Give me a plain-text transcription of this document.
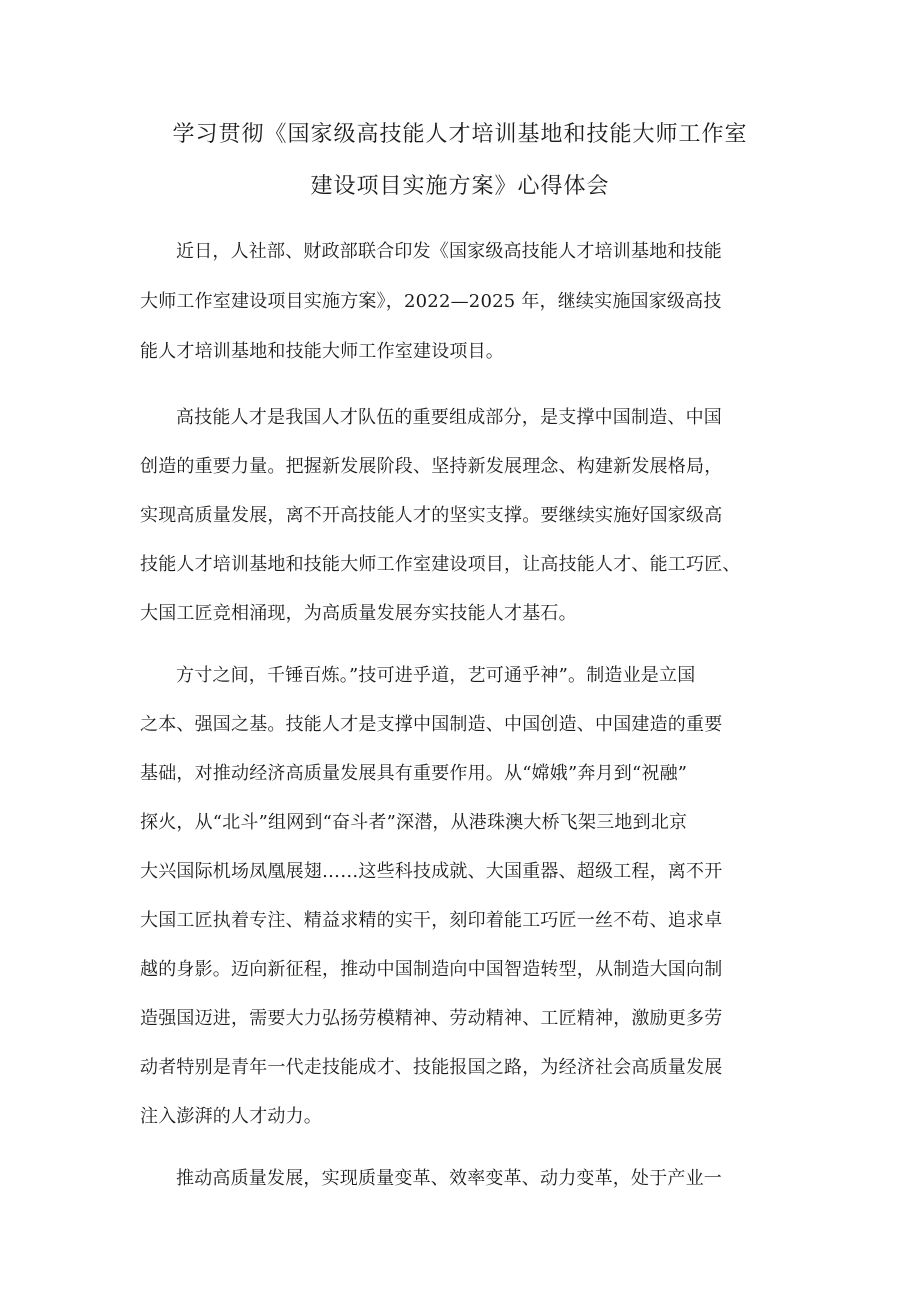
学习贯彻《国家级高技能人才培训基地和技能大师工作室
建设项目实施方案》心得体会
近日，人社部、财政部联合印发《国家级高技能人才培训基地和技能
大师工作室建设项目实施方案》，2022—2025 年，继续实施国家级高技
能人才培训基地和技能大师工作室建设项目。
高技能人才是我国人才队伍的重要组成部分，是支撑中国制造、中国
创造的重要力量。把握新发展阶段、坚持新发展理念、构建新发展格局，
实现高质量发展，离不开高技能人才的坚实支撑。要继续实施好国家级高
技能人才培训基地和技能大师工作室建设项目，让高技能人才、能工巧匠、
大国工匠竞相涌现，为高质量发展夯实技能人才基石。
方寸之间，千锤百炼。”技可进乎道，艺可通乎神”。制造业是立国
之本、强国之基。技能人才是支撑中国制造、中国创造、中国建造的重要
基础，对推动经济高质量发展具有重要作用。从“嫦娥”奔月到“祝融”
探火，从“北斗”组网到“奋斗者”深潜，从港珠澳大桥飞架三地到北京
大兴国际机场凤凰展翅……这些科技成就、大国重器、超级工程，离不开
大国工匠执着专注、精益求精的实干，刻印着能工巧匠一丝不苟、追求卓
越的身影。迈向新征程，推动中国制造向中国智造转型，从制造大国向制
造强国迈进，需要大力弘扬劳模精神、劳动精神、工匠精神，激励更多劳
动者特别是青年一代走技能成才、技能报国之路，为经济社会高质量发展
注入澎湃的人才动力。
推动高质量发展，实现质量变革、效率变革、动力变革，处于产业一
